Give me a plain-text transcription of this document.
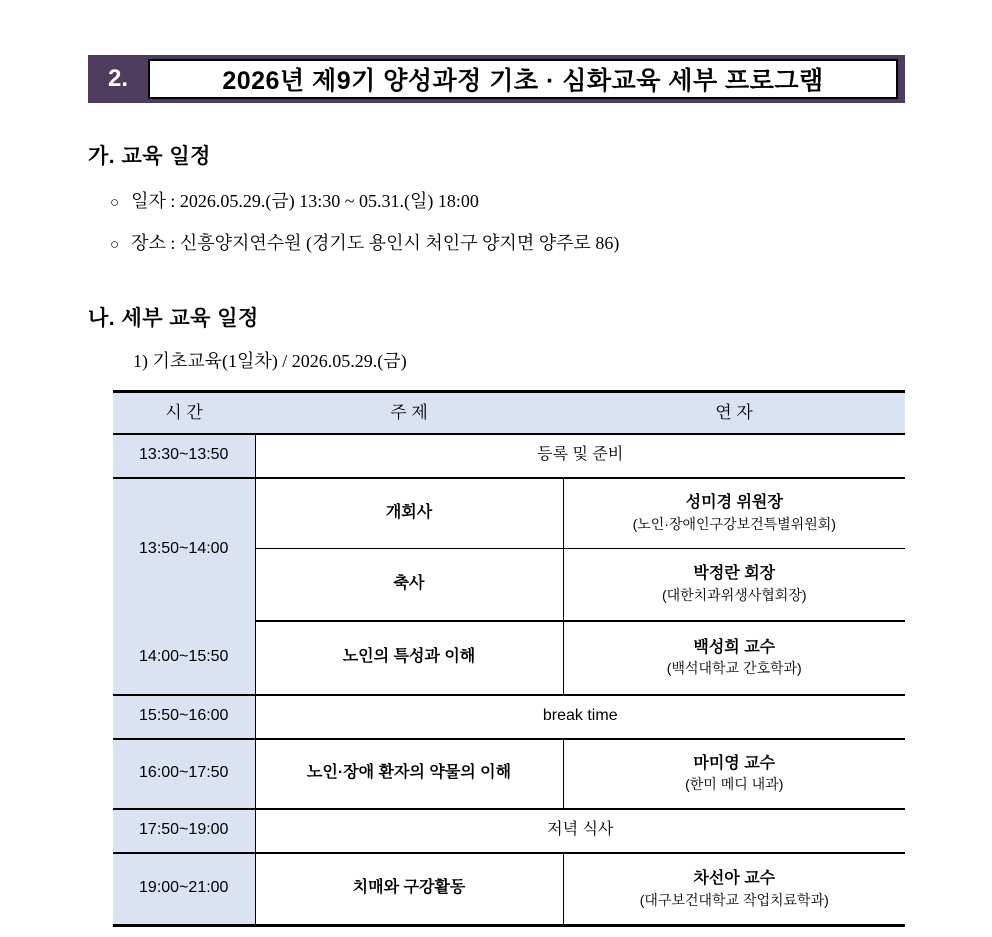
2.	2026년 제9기 양성과정 기초 · 심화교육 세부 프로그램
가. 교육 일정
○ 일자 : 2026.05.29.(금) 13:30 ~ 05.31.(일) 18:00
○ 장소 : 신흥양지연수원 (경기도 용인시 처인구 양지면 양주로 86)
나. 세부 교육 일정
1) 기초교육(1일차) / 2026.05.29.(금)
시 간	주 제	연 자
13:30~13:50	등록 및 준비	
13:50~14:00	개회사	성미경 위원장
(노인·장애인구강보건특별위원회)

	축사	박정란 회장
(대한치과위생사협회장)

14:00~15:50	노인의 특성과 이해	백성희 교수
(백석대학교 간호학과)

15:50~16:00	break time	
16:00~17:50	노인·장애 환자의 약물의 이해	마미영 교수
(한미 메디 내과)

17:50~19:00	저녁 식사	
19:00~21:00	치매와 구강활동	차선아 교수
(대구보건대학교 작업치료학과)
